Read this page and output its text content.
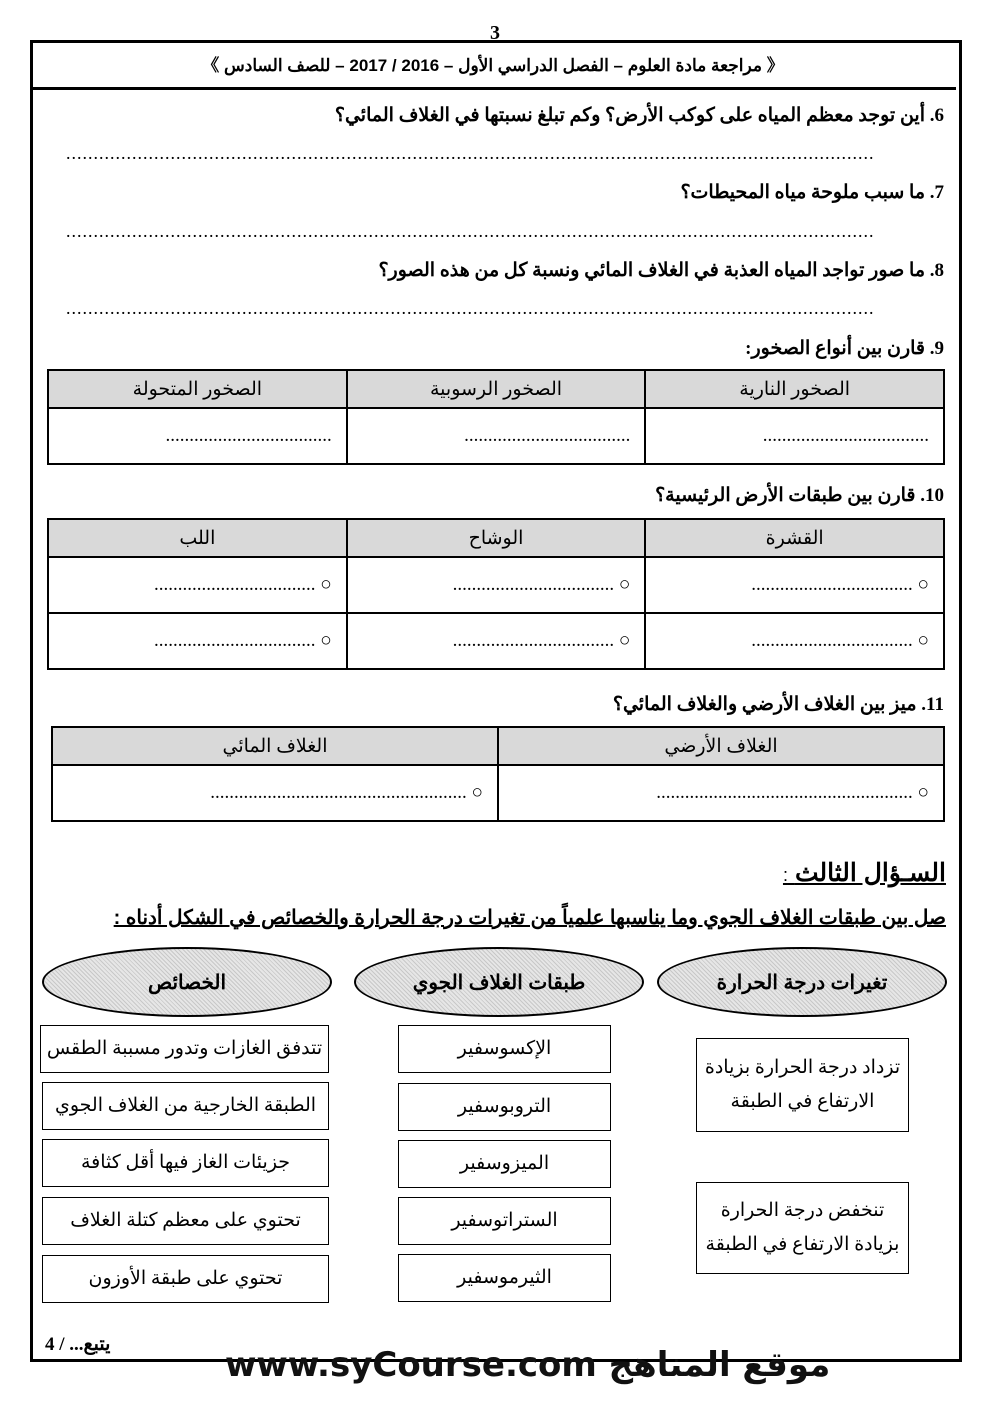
3
《 مراجعة مادة العلوم – الفصل الدراسي الأول – 2016 / 2017 – للصف السادس 》
6. أين توجد معظم المياه على كوكب الأرض؟ وكم تبلغ نسبتها في الغلاف المائي؟
...................................................................................................................................................
7. ما سبب ملوحة مياه المحيطات؟
...................................................................................................................................................
8. ما صور تواجد المياه العذبة في الغلاف المائي ونسبة كل من هذه الصور؟
...................................................................................................................................................
9. قارن بين أنواع الصخور:
الصخور النارية	الصخور الرسوبية	الصخور المتحولة
...................................	...................................	...................................
10. قارن بين طبقات الأرض الرئيسية؟
القشرة	الوشاح	اللب
○ ..................................	○ ..................................	○ ..................................
○ ..................................	○ ..................................	○ ..................................
11. ميز بين الغلاف الأرضي والغلاف المائي؟
الغلاف الأرضي	الغلاف المائي
○ ......................................................	○ ......................................................
السـؤال الثالث :
صل بين طبقات الغلاف الجوي وما يناسبها علمياً من تغيرات درجة الحرارة والخصائص في الشكل أدناه :
الخصائص	طبقات الغلاف الجوي	تغيرات درجة الحرارة
تتدفق الغازات وتدور مسببة الطقس
الطبقة الخارجية من الغلاف الجوي
جزيئات الغاز فيها أقل كثافة
تحتوي على معظم كتلة الغلاف
تحتوي على طبقة الأوزون
الإكسوسفير
التروبوسفير
الميزوسفير
الستراتوسفير
الثيرموسفير
تزداد درجة الحرارة بزيادة الارتفاع في الطبقة
تنخفض درجة الحرارة بزيادة الارتفاع في الطبقة
يتبع... / 4
www.syCourse.com موقع المناهج
